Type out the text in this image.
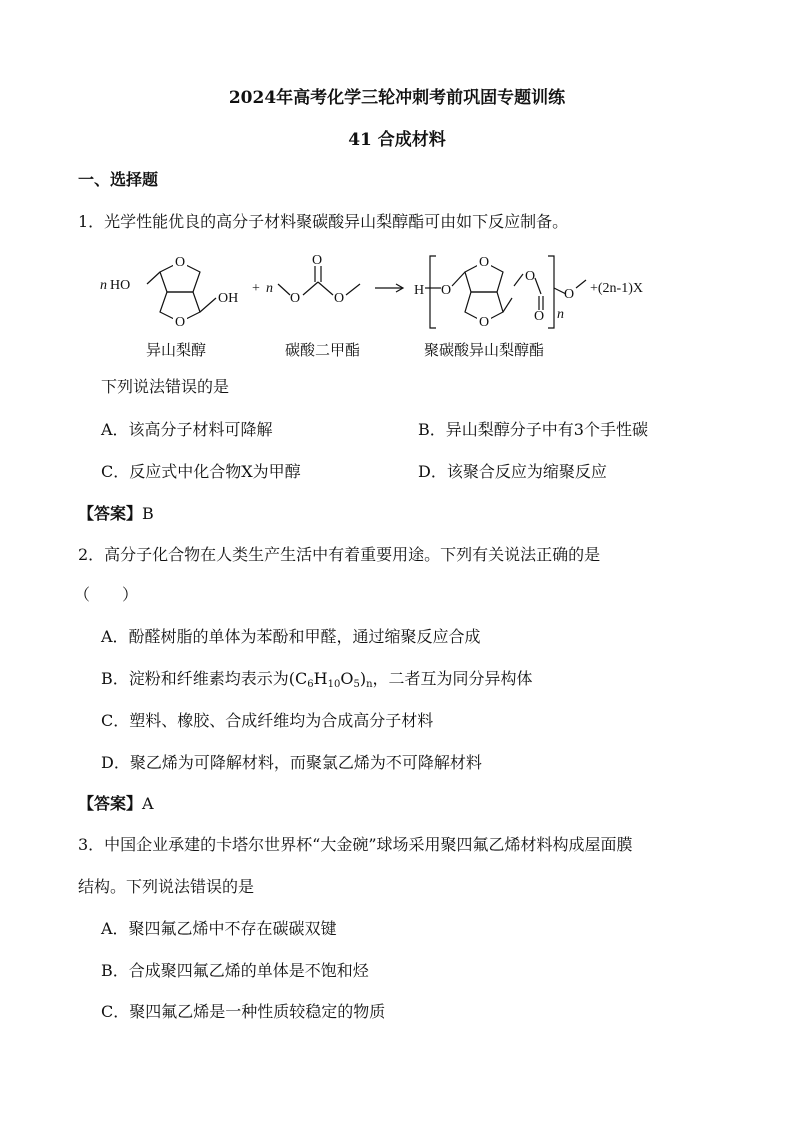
2024年高考化学三轮冲刺考前巩固专题训练
41 合成材料
一、选择题
1．光学性能优良的高分子材料聚碳酸异山梨醇酯可由如下反应制备。
n HO
OH
O
O
+ n
O O
O
H O
O
O
O
O n
O +(2n-1)X
异山梨醇	碳酸二甲酯	聚碳酸异山梨醇酯
下列说法错误的是
A．该高分子材料可降解	B．异山梨醇分子中有3个手性碳
C．反应式中化合物X为甲醇	D．该聚合反应为缩聚反应
【答案】B
2．高分子化合物在人类生产生活中有着重要用途。下列有关说法正确的是
（　　）
A．酚醛树脂的单体为苯酚和甲醛，通过缩聚反应合成
B．淀粉和纤维素均表示为$(C_6H_{10}O_5)_n$，二者互为同分异构体
C．塑料、橡胶、合成纤维均为合成高分子材料
D．聚乙烯为可降解材料，而聚氯乙烯为不可降解材料
【答案】A
3．中国企业承建的卡塔尔世界杯“大金碗”球场采用聚四氟乙烯材料构成屋面膜
结构。下列说法错误的是
A．聚四氟乙烯中不存在碳碳双键
B．合成聚四氟乙烯的单体是不饱和烃
C．聚四氟乙烯是一种性质较稳定的物质
